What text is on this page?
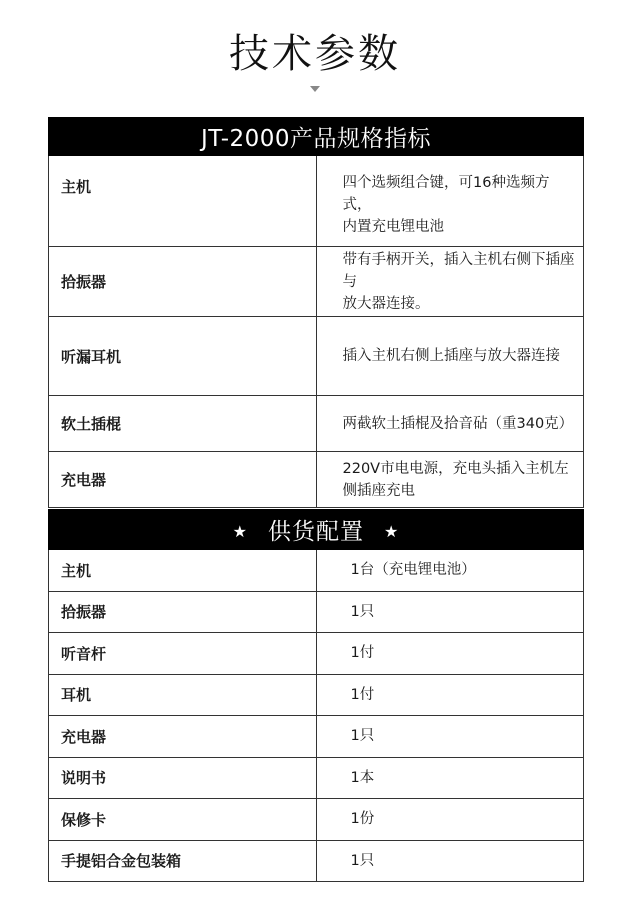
技术参数
JT-2000产品规格指标	
主机	四个选频组合键，可16种选频方式，
内置充电锂电池
拾振器	带有手柄开关，插入主机右侧下插座与
放大器连接。
听漏耳机	插入主机右侧上插座与放大器连接
软土插棍	两截软土插棍及拾音砧（重340克）
充电器	220V市电电源，充电头插入主机左侧插座充电
★ 供货配置 ★	
主机	1台（充电锂电池）
拾振器	1只
听音杆	1付
耳机	1付
充电器	1只
说明书	1本
保修卡	1份
手提铝合金包装箱	1只
